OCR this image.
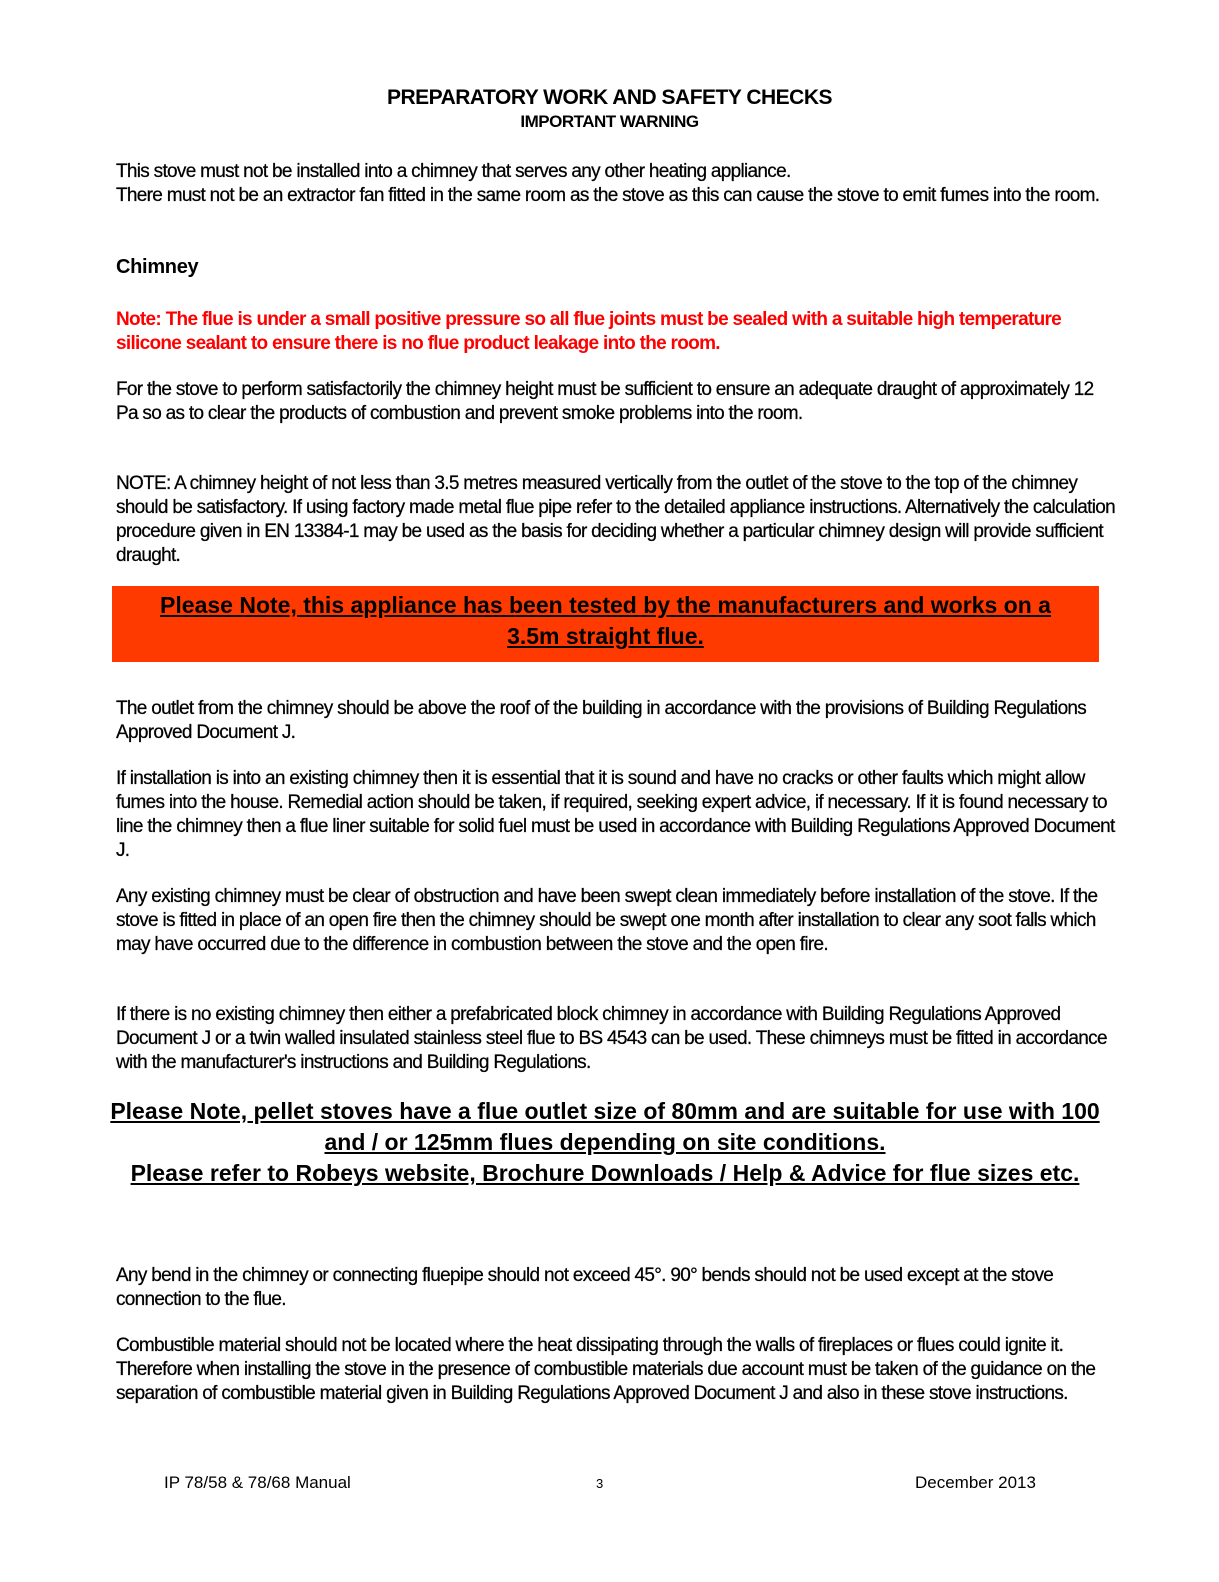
PREPARATORY WORK AND SAFETY CHECKS
IMPORTANT WARNING

This stove must not be installed into a chimney that serves any other heating appliance.

There must not be an extractor fan fitted in the same room as the stove as this can cause the stove to emit fumes into the room.

Chimney
Note: The flue is under a small positive pressure so all flue joints must be sealed with a suitable high temperature silicone sealant to ensure there is no flue product leakage into the room.
For the stove to perform satisfactorily the chimney height must be sufficient to ensure an adequate draught of approximately 12 Pa so as to clear the products of combustion and prevent smoke problems into the room.
NOTE: A chimney height of not less than 3.5 metres measured vertically from the outlet of the stove to the top of the chimney should be satisfactory. If using factory made metal flue pipe refer to the detailed appliance instructions. Alternatively the calculation procedure given in EN 13384-1 may be used as the basis for deciding whether a particular chimney design will provide sufficient draught.
Please Note, this appliance has been tested by the manufacturers and works on a 3.5m straight flue.
The outlet from the chimney should be above the roof of the building in accordance with the provisions of Building Regulations Approved Document J.
If installation is into an existing chimney then it is essential that it is sound and have no cracks or other faults which might allow fumes into the house. Remedial action should be taken, if required, seeking expert advice, if necessary. If it is found necessary to line the chimney then a flue liner suitable for solid fuel must be used in accordance with Building Regulations Approved Document J.
Any existing chimney must be clear of obstruction and have been swept clean immediately before installation of the stove. If the stove is fitted in place of an open fire then the chimney should be swept one month after installation to clear any soot falls which may have occurred due to the difference in combustion between the stove and the open fire.
If there is no existing chimney then either a prefabricated block chimney in accordance with Building Regulations Approved Document J or a twin walled insulated stainless steel flue to BS 4543 can be used. These chimneys must be fitted in accordance with the manufacturer's instructions and Building Regulations.
Please Note, pellet stoves have a flue outlet size of 80mm and are suitable for use with 100 and / or 125mm flues depending on site conditions.
Please refer to Robeys website, Brochure Downloads / Help & Advice for flue sizes etc.
Any bend in the chimney or connecting fluepipe should not exceed 45°. 90° bends should not be used except at the stove connection to the flue.
Combustible material should not be located where the heat dissipating through the walls of fireplaces or flues could ignite it. Therefore when installing the stove in the presence of combustible materials due account must be taken of the guidance on the separation of combustible material given in Building Regulations Approved Document J and also in these stove instructions.
IP 78/58 & 78/68 Manual	3	December 2013
